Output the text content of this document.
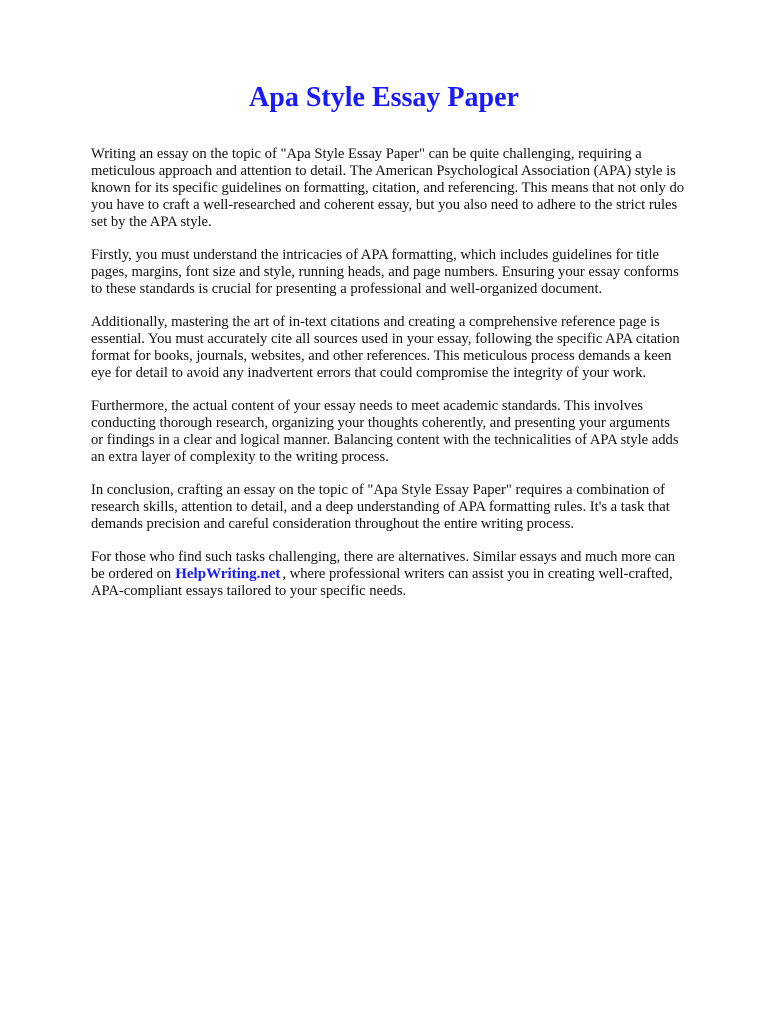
Apa Style Essay Paper

Writing an essay on the topic of "Apa Style Essay Paper" can be quite challenging, requiring a
meticulous approach and attention to detail. The American Psychological Association (APA) style is
known for its specific guidelines on formatting, citation, and referencing. This means that not only do
you have to craft a well-researched and coherent essay, but you also need to adhere to the strict rules
set by the APA style.

Firstly, you must understand the intricacies of APA formatting, which includes guidelines for title
pages, margins, font size and style, running heads, and page numbers. Ensuring your essay conforms
to these standards is crucial for presenting a professional and well-organized document.

Additionally, mastering the art of in-text citations and creating a comprehensive reference page is
essential. You must accurately cite all sources used in your essay, following the specific APA citation
format for books, journals, websites, and other references. This meticulous process demands a keen
eye for detail to avoid any inadvertent errors that could compromise the integrity of your work.

Furthermore, the actual content of your essay needs to meet academic standards. This involves
conducting thorough research, organizing your thoughts coherently, and presenting your arguments
or findings in a clear and logical manner. Balancing content with the technicalities of APA style adds
an extra layer of complexity to the writing process.

In conclusion, crafting an essay on the topic of "Apa Style Essay Paper" requires a combination of
research skills, attention to detail, and a deep understanding of APA formatting rules. It's a task that
demands precision and careful consideration throughout the entire writing process.

For those who find such tasks challenging, there are alternatives. Similar essays and much more can
be ordered on HelpWriting.net , where professional writers can assist you in creating well-crafted,
APA-compliant essays tailored to your specific needs.
